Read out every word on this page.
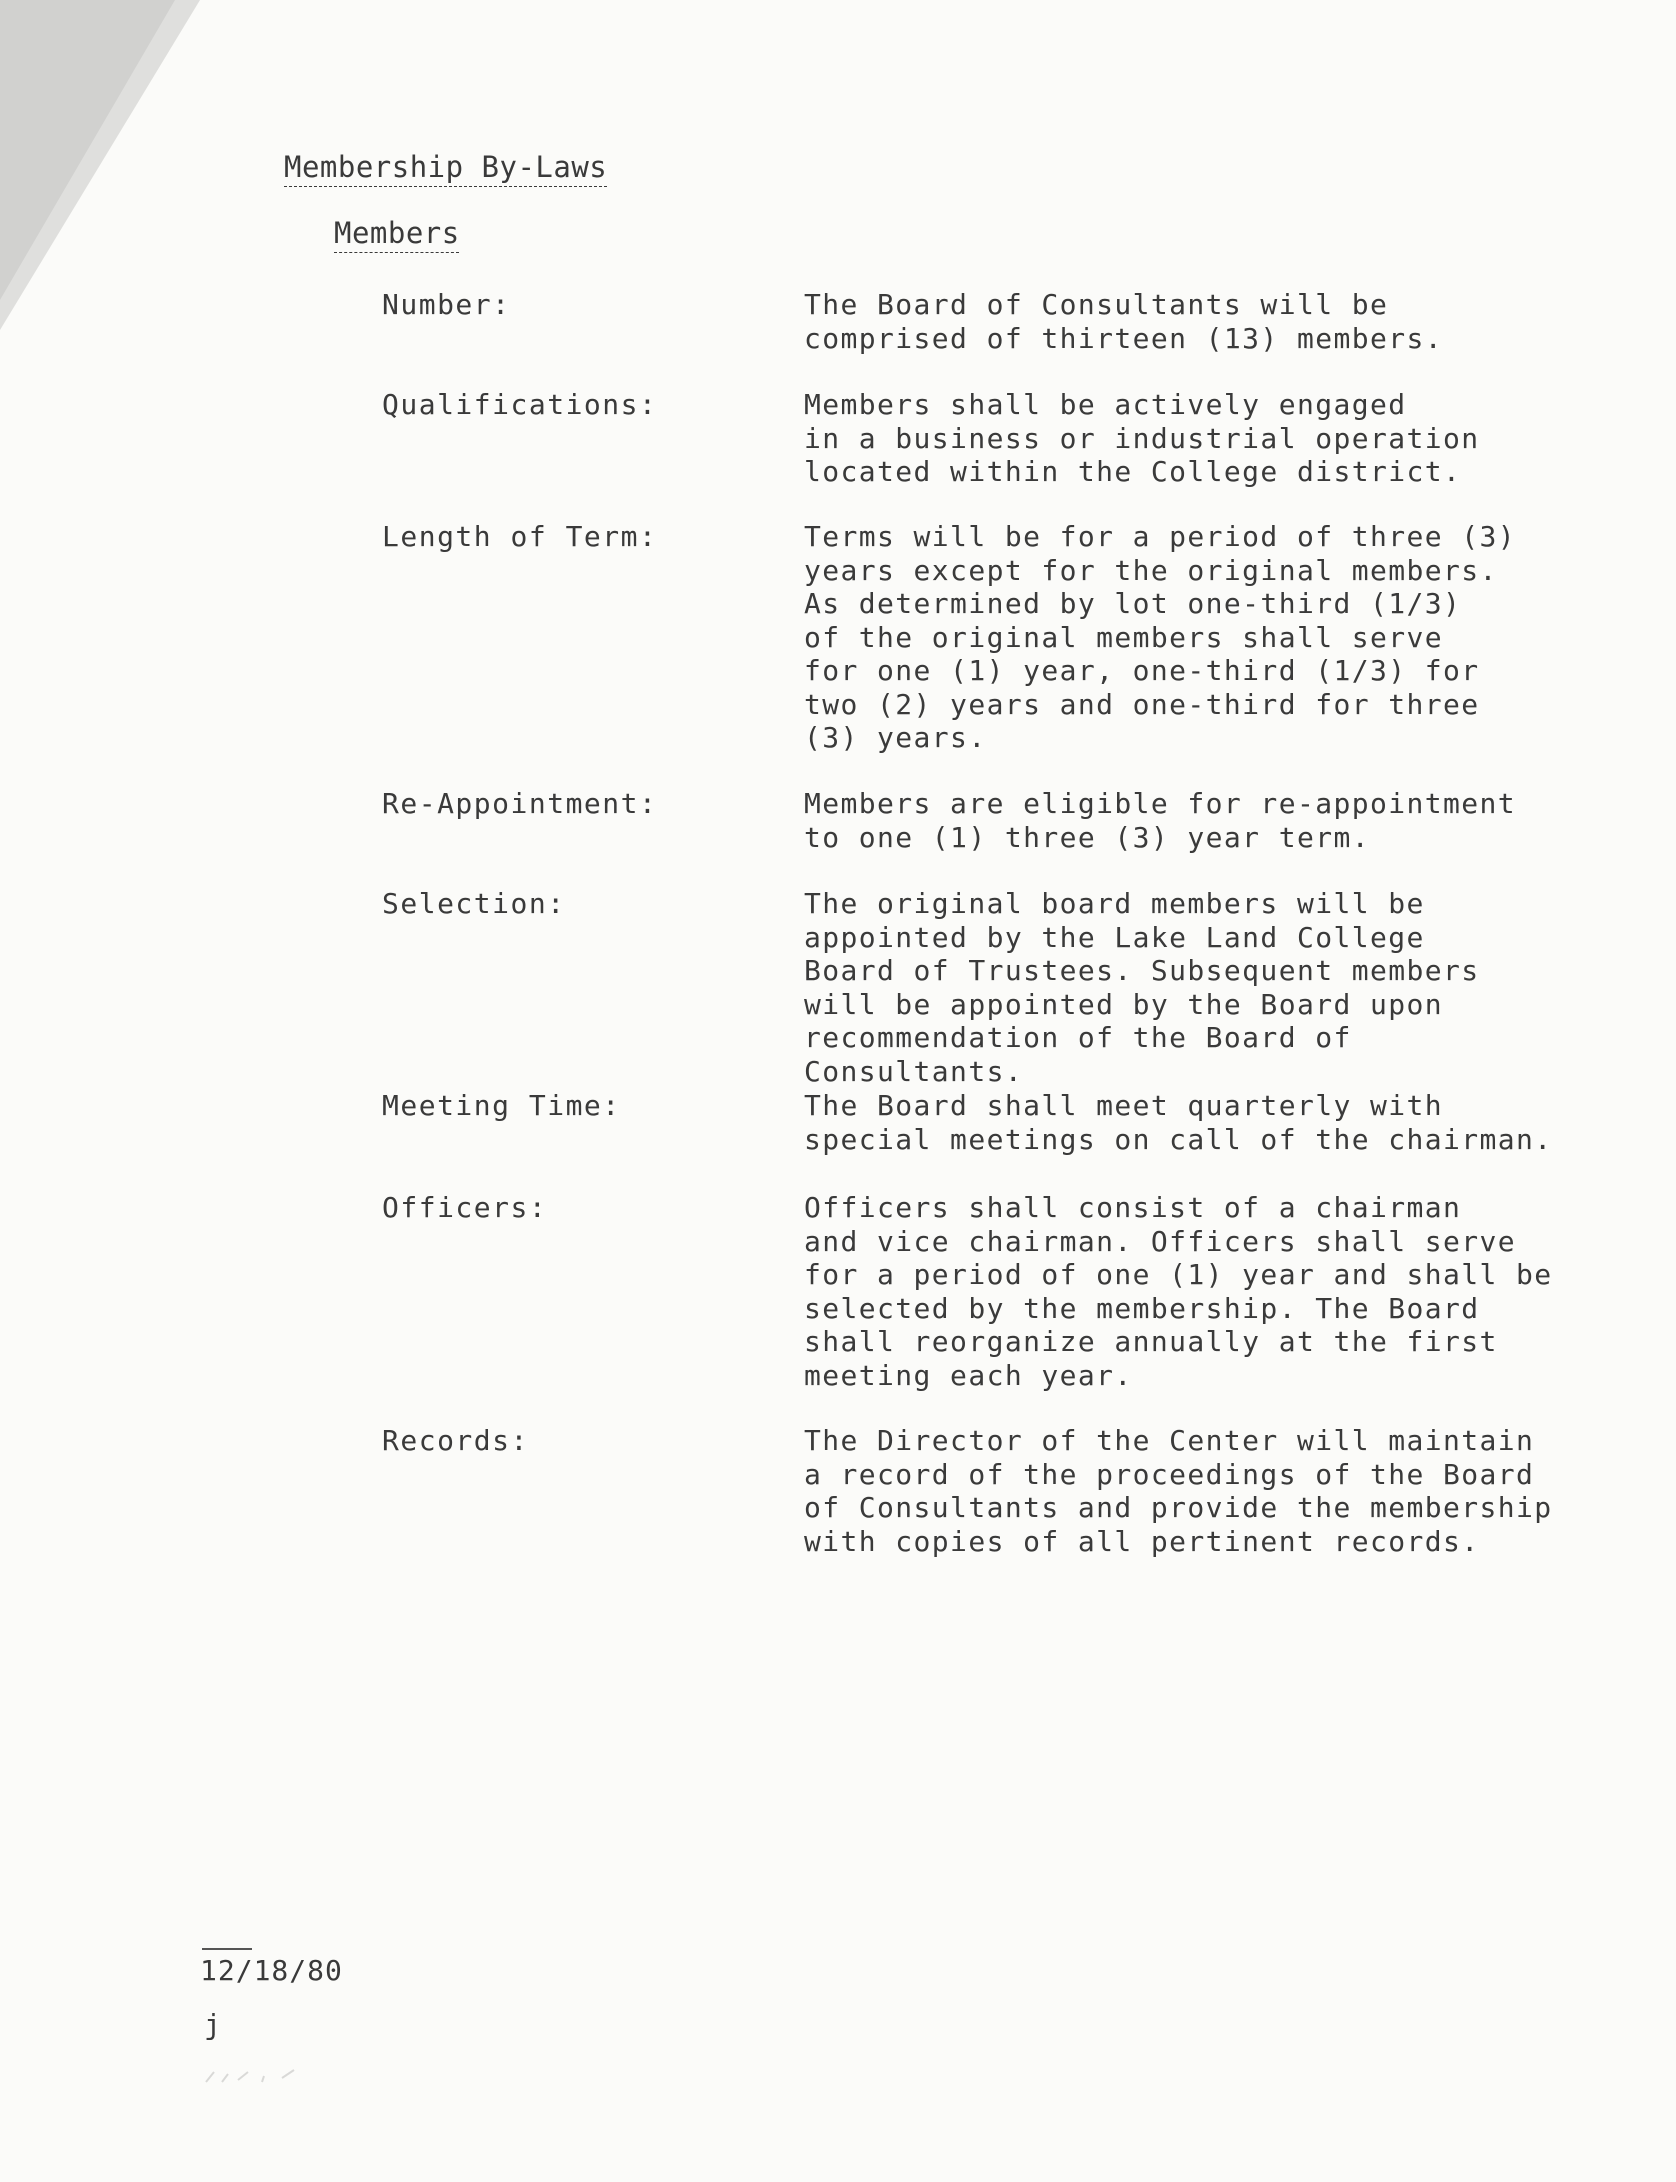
Membership By-Laws
Members
Number:	The Board of Consultants will be
comprised of thirteen (13) members.
Qualifications:	Members shall be actively engaged
in a business or industrial operation
located within the College district.
Length of Term:	Terms will be for a period of three (3)
years except for the original members.
As determined by lot one-third (1/3)
of the original members shall serve
for one (1) year, one-third (1/3) for
two (2) years and one-third for three
(3) years.
Re-Appointment:	Members are eligible for re-appointment
to one (1) three (3) year term.
Selection:	The original board members will be
appointed by the Lake Land College
Board of Trustees. Subsequent members
will be appointed by the Board upon
recommendation of the Board of Consultants.
Meeting Time:	The Board shall meet quarterly with
special meetings on call of the chairman.
Officers:	Officers shall consist of a chairman
and vice chairman. Officers shall serve
for a period of one (1) year and shall be
selected by the membership. The Board
shall reorganize annually at the first
meeting each year.
Records:	The Director of the Center will maintain
a record of the proceedings of the Board
of Consultants and provide the membership
with copies of all pertinent records.
12/18/80
j
